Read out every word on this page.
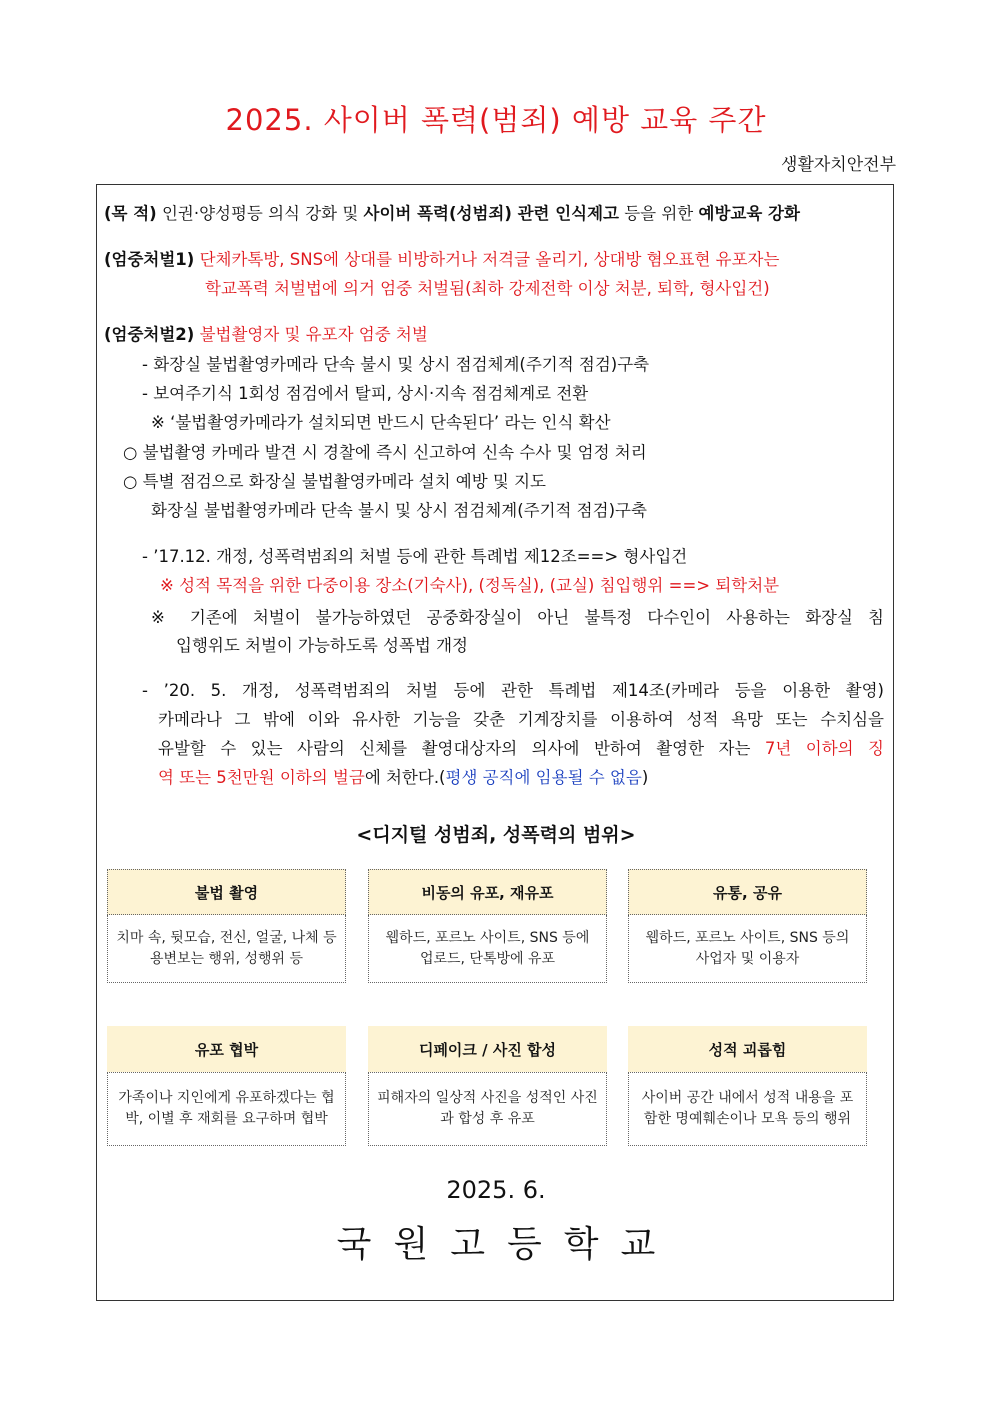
2025. 사이버 폭력(범죄) 예방 교육 주간
생활자치안전부
(목 적) 인권·양성평등 의식 강화 및 사이버 폭력(성범죄) 관련 인식제고 등을 위한 예방교육 강화
(엄중처벌1) 단체카톡방, SNS에 상대를 비방하거나 저격글 올리기, 상대방 혐오표현 유포자는
학교폭력 처벌법에 의거 엄중 처벌됨(최하 강제전학 이상 처분, 퇴학, 형사입건)
(엄중처벌2) 불법촬영자 및 유포자 엄중 처벌
- 화장실 불법촬영카메라 단속 불시 및 상시 점검체계(주기적 점검)구축
- 보여주기식 1회성 점검에서 탈피, 상시·지속 점검체계로 전환
※ ‘불법촬영카메라가 설치되면 반드시 단속된다’ 라는 인식 확산
○ 불법촬영 카메라 발견 시 경찰에 즉시 신고하여 신속 수사 및 엄정 처리
○ 특별 점검으로 화장실 불법촬영카메라 설치 예방 및 지도
화장실 불법촬영카메라 단속 불시 및 상시 점검체계(주기적 점검)구축
- ’17.12. 개정, 성폭력범죄의 처벌 등에 관한 특례법 제12조==> 형사입건
※ 성적 목적을 위한 다중이용 장소(기숙사), (정독실), (교실) 침입행위 ==> 퇴학처분
※ 기존에 처벌이 불가능하였던 공중화장실이 아닌 불특정 다수인이 사용하는 화장실 침
입행위도 처벌이 가능하도록 성폭법 개정
- ’20. 5. 개정, 성폭력범죄의 처벌 등에 관한 특례법 제14조(카메라 등을 이용한 촬영)
카메라나 그 밖에 이와 유사한 기능을 갖춘 기계장치를 이용하여 성적 욕망 또는 수치심을
유발할 수 있는 사람의 신체를 촬영대상자의 의사에 반하여 촬영한 자는 7년 이하의 징
역 또는 5천만원 이하의 벌금에 처한다.(평생 공직에 임용될 수 없음)
<디지털 성범죄, 성폭력의 범위>
불법 촬영
치마 속, 뒷모습, 전신, 얼굴, 나체 등 용변보는 행위, 성행위 등
비동의 유포, 재유포
웹하드, 포르노 사이트, SNS 등에 업로드, 단톡방에 유포
유통, 공유
웹하드, 포르노 사이트, SNS 등의 사업자 및 이용자
유포 협박
가족이나 지인에게 유포하겠다는 협박, 이별 후 재회를 요구하며 협박
디페이크 / 사진 합성
피해자의 일상적 사진을 성적인 사진과 합성 후 유포
성적 괴롭힘
사이버 공간 내에서 성적 내용을 포함한 명예훼손이나 모욕 등의 행위
2025. 6.
국원고등학교
